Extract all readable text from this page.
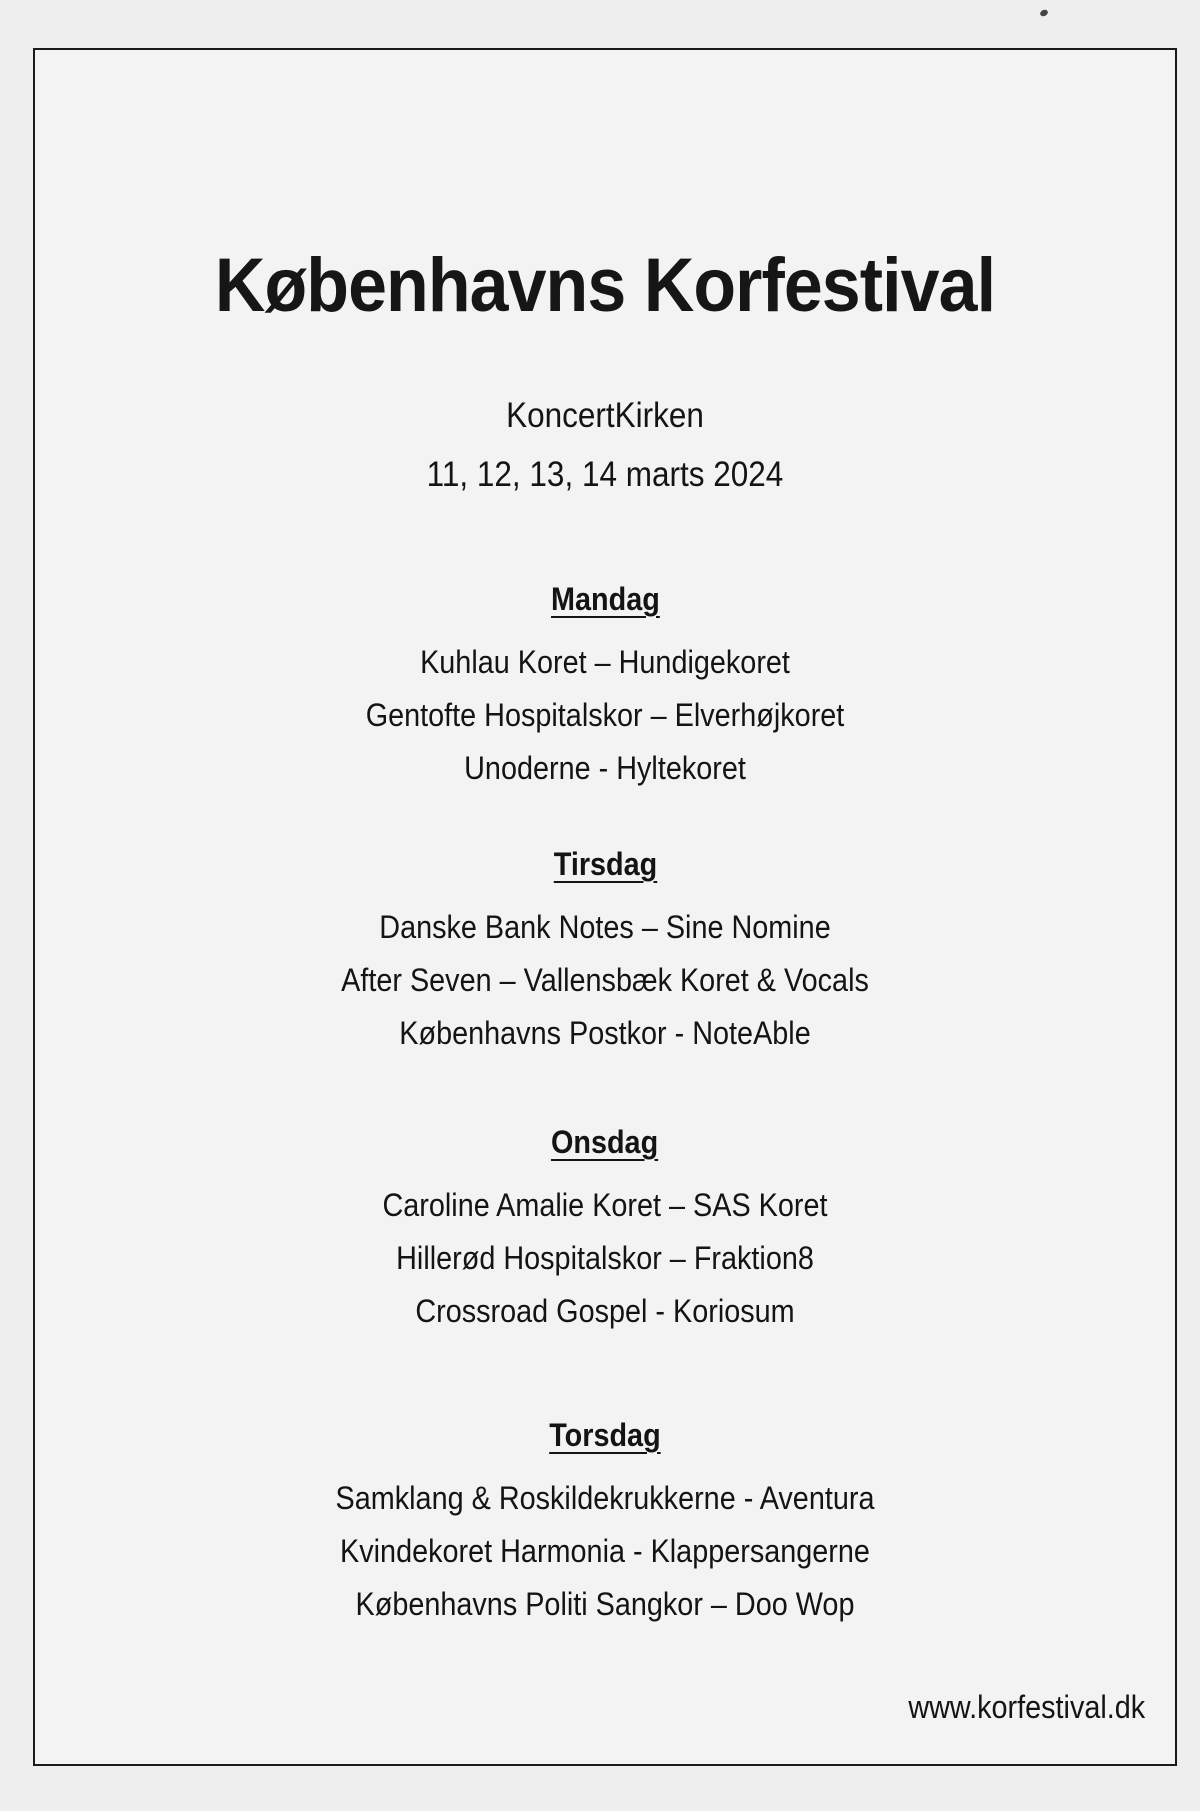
Københavns Korfestival

KoncertKirken

11, 12, 13, 14 marts 2024

Mandag

Kuhlau Koret – Hundigekoret

Gentofte Hospitalskor – Elverhøjkoret

Unoderne - Hyltekoret

Tirsdag

Danske Bank Notes – Sine Nomine

After Seven – Vallensbæk Koret & Vocals

Københavns Postkor - NoteAble

Onsdag

Caroline Amalie Koret – SAS Koret

Hillerød Hospitalskor – Fraktion8

Crossroad Gospel - Koriosum

Torsdag

Samklang & Roskildekrukkerne - Aventura

Kvindekoret Harmonia - Klappersangerne

Københavns Politi Sangkor – Doo Wop

www.korfestival.dk
